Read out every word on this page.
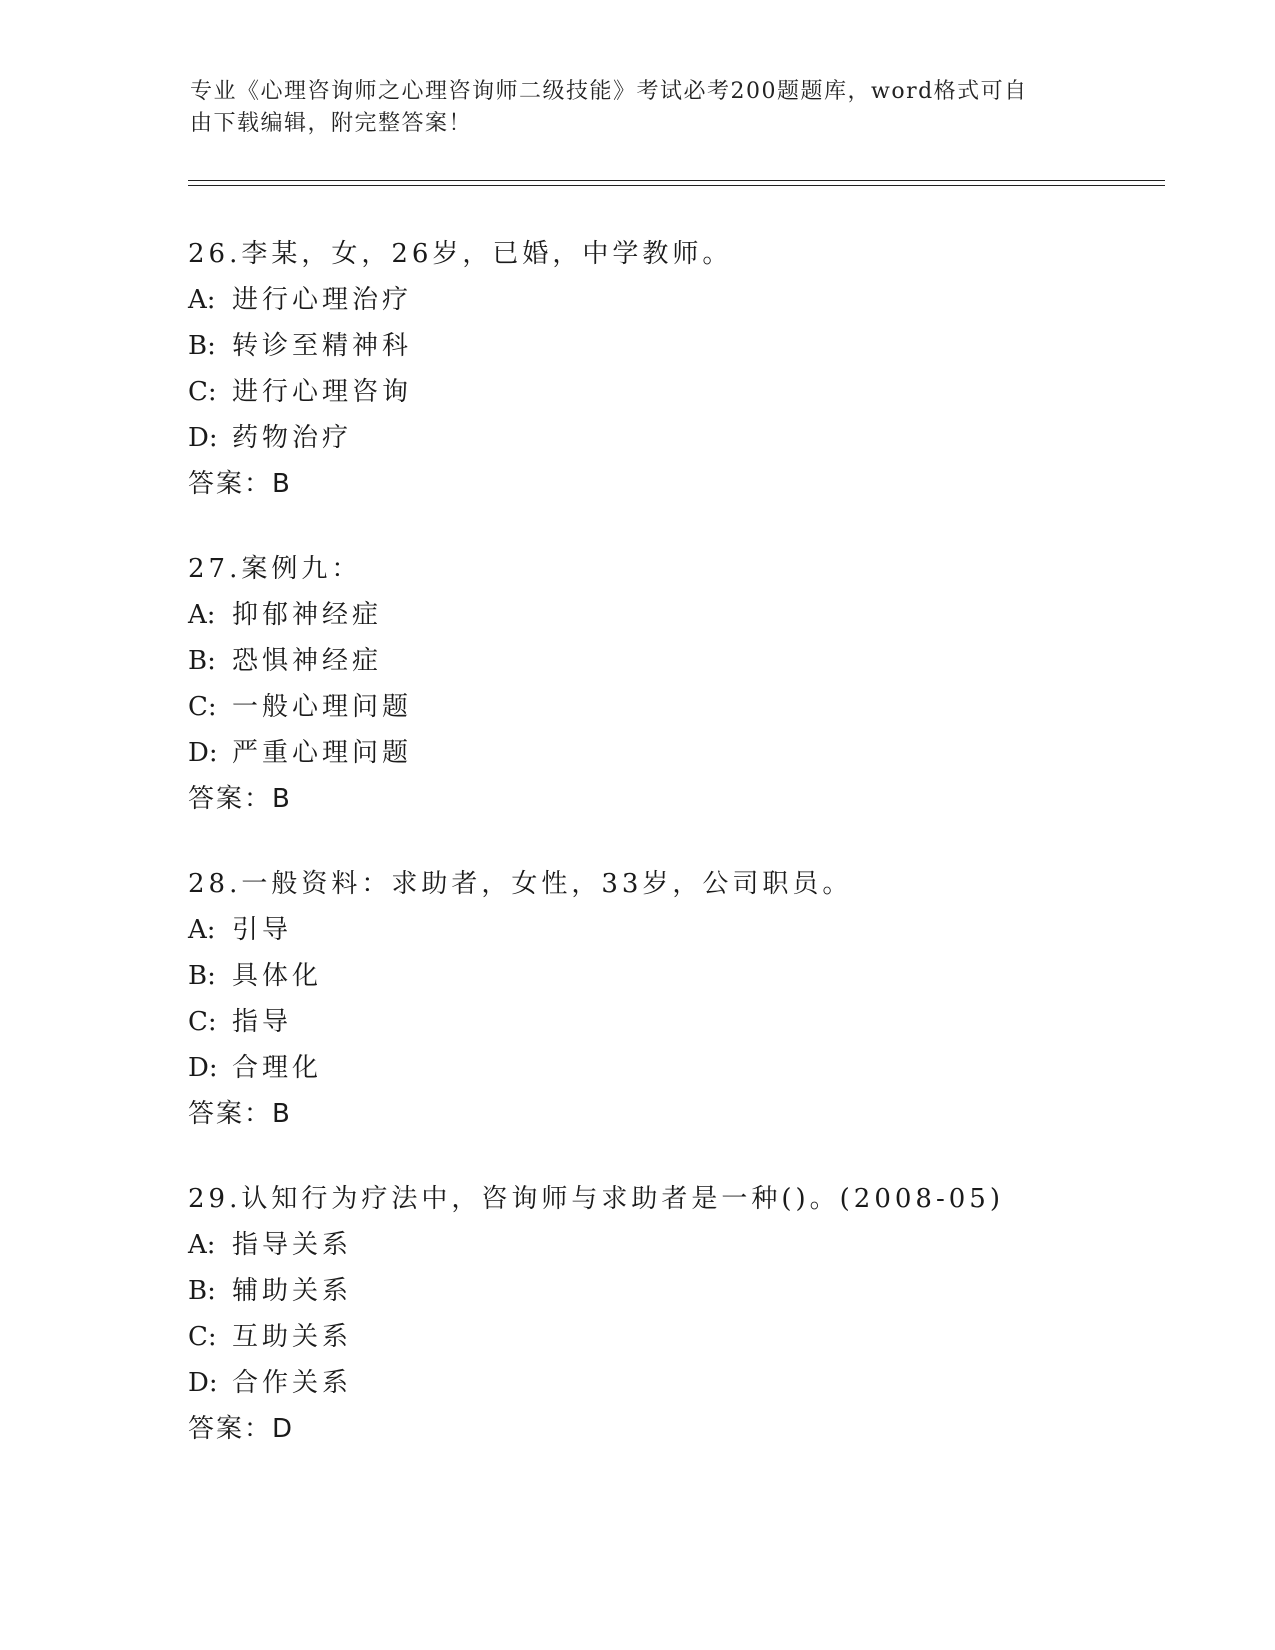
专业《心理咨询师之心理咨询师二级技能》考试必考200题题库，word格式可自
由下载编辑，附完整答案！
26.李某，女，26岁，已婚，中学教师。
A: 进行心理治疗
B: 转诊至精神科
C: 进行心理咨询
D: 药物治疗
答案：B
27.案例九：
A: 抑郁神经症
B: 恐惧神经症
C: 一般心理问题
D: 严重心理问题
答案：B
28.一般资料：求助者，女性，33岁，公司职员。
A: 引导
B: 具体化
C: 指导
D: 合理化
答案：B
29.认知行为疗法中，咨询师与求助者是一种()。(2008-05)
A: 指导关系
B: 辅助关系
C: 互助关系
D: 合作关系
答案：D
